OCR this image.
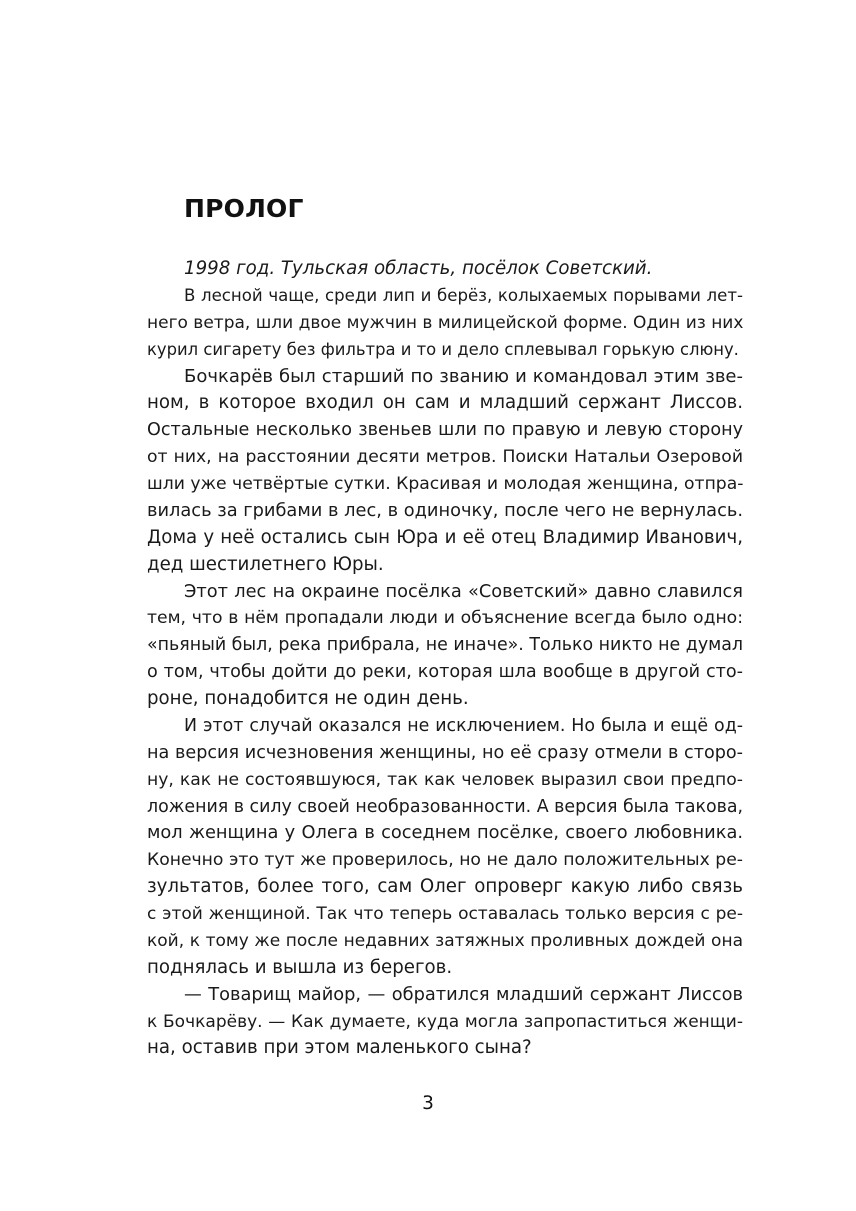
ПРОЛОГ
1998 год. Тульская область, посёлок Советский.
В лесной чаще, среди лип и берёз, колыхаемых порывами лет-
него ветра, шли двое мужчин в милицейской форме. Один из них
курил сигарету без фильтра и то и дело сплевывал горькую слюну.
Бочкарёв был старший по званию и командовал этим зве-
ном, в которое входил он сам и младший сержант Лиссов.
Остальные несколько звеньев шли по правую и левую сторону
от них, на расстоянии десяти метров. Поиски Натальи Озеровой
шли уже четвёртые сутки. Красивая и молодая женщина, отпра-
вилась за грибами в лес, в одиночку, после чего не вернулась.
Дома у неё остались сын Юра и её отец Владимир Иванович,
дед шестилетнего Юры.
Этот лес на окраине посёлка «Советский» давно славился
тем, что в нём пропадали люди и объяснение всегда было одно:
«пьяный был, река прибрала, не иначе». Только никто не думал
о том, чтобы дойти до реки, которая шла вообще в другой сто-
роне, понадобится не один день.
И этот случай оказался не исключением. Но была и ещё од-
на версия исчезновения женщины, но её сразу отмели в сторо-
ну, как не состоявшуюся, так как человек выразил свои предпо-
ложения в силу своей необразованности. А версия была такова,
мол женщина у Олега в соседнем посёлке, своего любовника.
Конечно это тут же проверилось, но не дало положительных ре-
зультатов, более того, сам Олег опроверг какую либо связь
с этой женщиной. Так что теперь оставалась только версия с ре-
кой, к тому же после недавних затяжных проливных дождей она
поднялась и вышла из берегов.
— Товарищ майор, — обратился младший сержант Лиссов
к Бочкарёву. — Как думаете, куда могла запропаститься женщи-
на, оставив при этом маленького сына?

3
